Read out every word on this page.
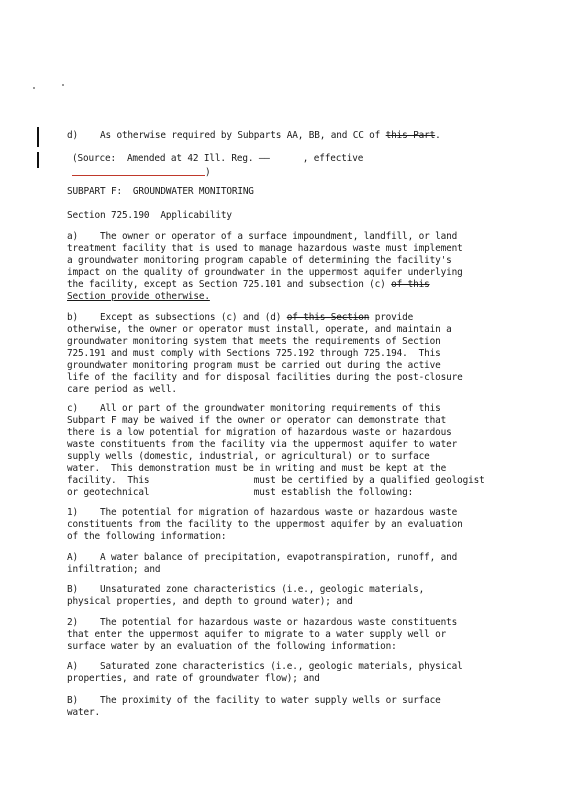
d)    As otherwise required by Subparts AA, BB, and CC of this Part.
(Source:  Amended at 42 Ill. Reg. ——      , effective
)
SUBPART F:  GROUNDWATER MONITORING
Section 725.190  Applicability
a)    The owner or operator of a surface impoundment, landfill, or land
treatment facility that is used to manage hazardous waste must implement
a groundwater monitoring program capable of determining the facility's
impact on the quality of groundwater in the uppermost aquifer underlying
the facility, except as Section 725.101 and subsection (c) of this
Section provide otherwise.
b)    Except as subsections (c) and (d) of this Section provide
otherwise, the owner or operator must install, operate, and maintain a
groundwater monitoring system that meets the requirements of Section
725.191 and must comply with Sections 725.192 through 725.194.  This
groundwater monitoring program must be carried out during the active
life of the facility and for disposal facilities during the post-closure
care period as well.
c)    All or part of the groundwater monitoring requirements of this
Subpart F may be waived if the owner or operator can demonstrate that
there is a low potential for migration of hazardous waste or hazardous
waste constituents from the facility via the uppermost aquifer to water
supply wells (domestic, industrial, or agricultural) or to surface
water.  This demonstration must be in writing and must be kept at the
facility.  This                   must be certified by a qualified geologist
or geotechnical                   must establish the following:
1)    The potential for migration of hazardous waste or hazardous waste
constituents from the facility to the uppermost aquifer by an evaluation
of the following information:
A)    A water balance of precipitation, evapotranspiration, runoff, and
infiltration; and
B)    Unsaturated zone characteristics (i.e., geologic materials,
physical properties, and depth to ground water); and
2)    The potential for hazardous waste or hazardous waste constituents
that enter the uppermost aquifer to migrate to a water supply well or
surface water by an evaluation of the following information:
A)    Saturated zone characteristics (i.e., geologic materials, physical
properties, and rate of groundwater flow); and
B)    The proximity of the facility to water supply wells or surface
water.
